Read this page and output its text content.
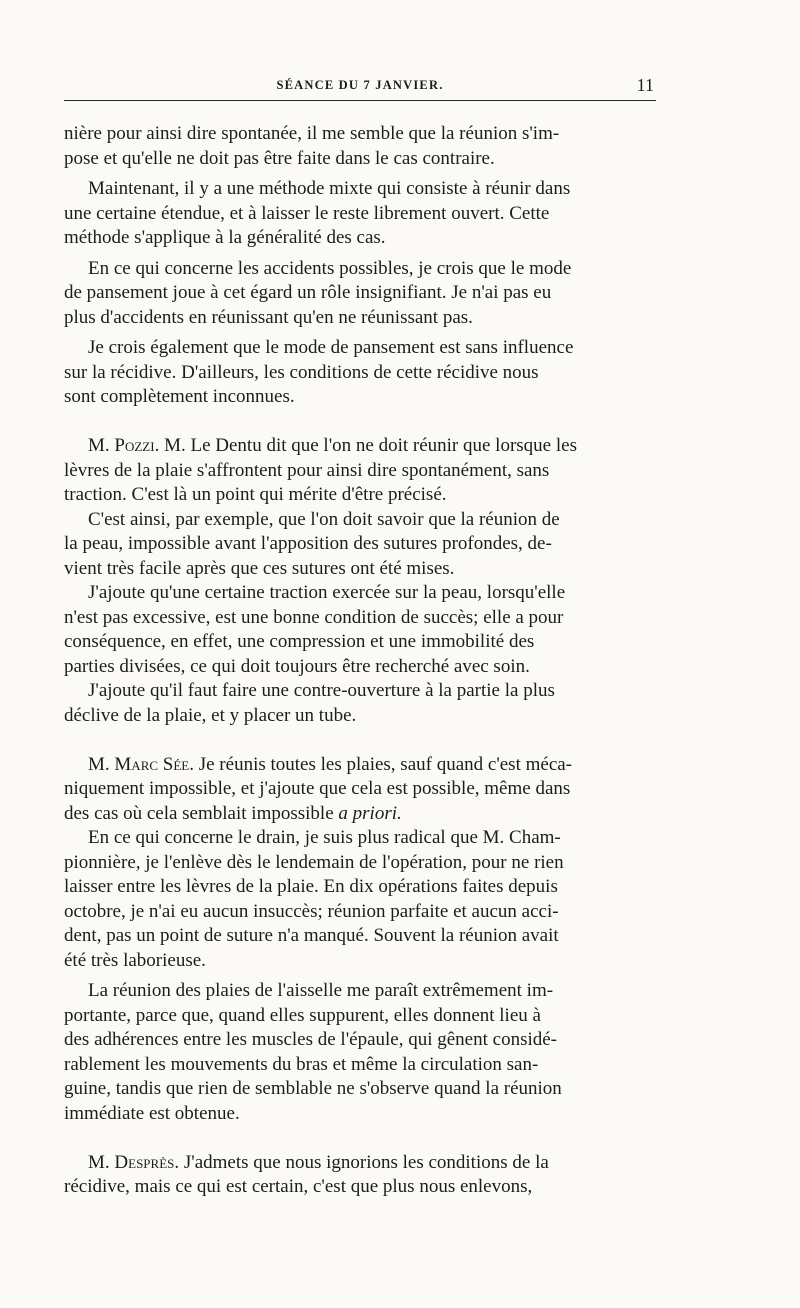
SÉANCE DU 7 JANVIER.	11
nière pour ainsi dire spontanée, il me semble que la réunion s'im-
pose et qu'elle ne doit pas être faite dans le cas contraire.
Maintenant, il y a une méthode mixte qui consiste à réunir dans
une certaine étendue, et à laisser le reste librement ouvert. Cette
méthode s'applique à la généralité des cas.
En ce qui concerne les accidents possibles, je crois que le mode
de pansement joue à cet égard un rôle insignifiant. Je n'ai pas eu
plus d'accidents en réunissant qu'en ne réunissant pas.
Je crois également que le mode de pansement est sans influence
sur la récidive. D'ailleurs, les conditions de cette récidive nous
sont complètement inconnues.
M. Pozzi. M. Le Dentu dit que l'on ne doit réunir que lorsque les
lèvres de la plaie s'affrontent pour ainsi dire spontanément, sans
traction. C'est là un point qui mérite d'être précisé.
C'est ainsi, par exemple, que l'on doit savoir que la réunion de
la peau, impossible avant l'apposition des sutures profondes, de-
vient très facile après que ces sutures ont été mises.
J'ajoute qu'une certaine traction exercée sur la peau, lorsqu'elle
n'est pas excessive, est une bonne condition de succès; elle a pour
conséquence, en effet, une compression et une immobilité des
parties divisées, ce qui doit toujours être recherché avec soin.
J'ajoute qu'il faut faire une contre-ouverture à la partie la plus
déclive de la plaie, et y placer un tube.
M. Marc Sée. Je réunis toutes les plaies, sauf quand c'est méca-
niquement impossible, et j'ajoute que cela est possible, même dans
des cas où cela semblait impossible a priori.
En ce qui concerne le drain, je suis plus radical que M. Cham-
pionnière, je l'enlève dès le lendemain de l'opération, pour ne rien
laisser entre les lèvres de la plaie. En dix opérations faites depuis
octobre, je n'ai eu aucun insuccès; réunion parfaite et aucun acci-
dent, pas un point de suture n'a manqué. Souvent la réunion avait
été très laborieuse.
La réunion des plaies de l'aisselle me paraît extrêmement im-
portante, parce que, quand elles suppurent, elles donnent lieu à
des adhérences entre les muscles de l'épaule, qui gênent considé-
rablement les mouvements du bras et même la circulation san-
guine, tandis que rien de semblable ne s'observe quand la réunion
immédiate est obtenue.
M. Desprès. J'admets que nous ignorions les conditions de la
récidive, mais ce qui est certain, c'est que plus nous enlevons,
